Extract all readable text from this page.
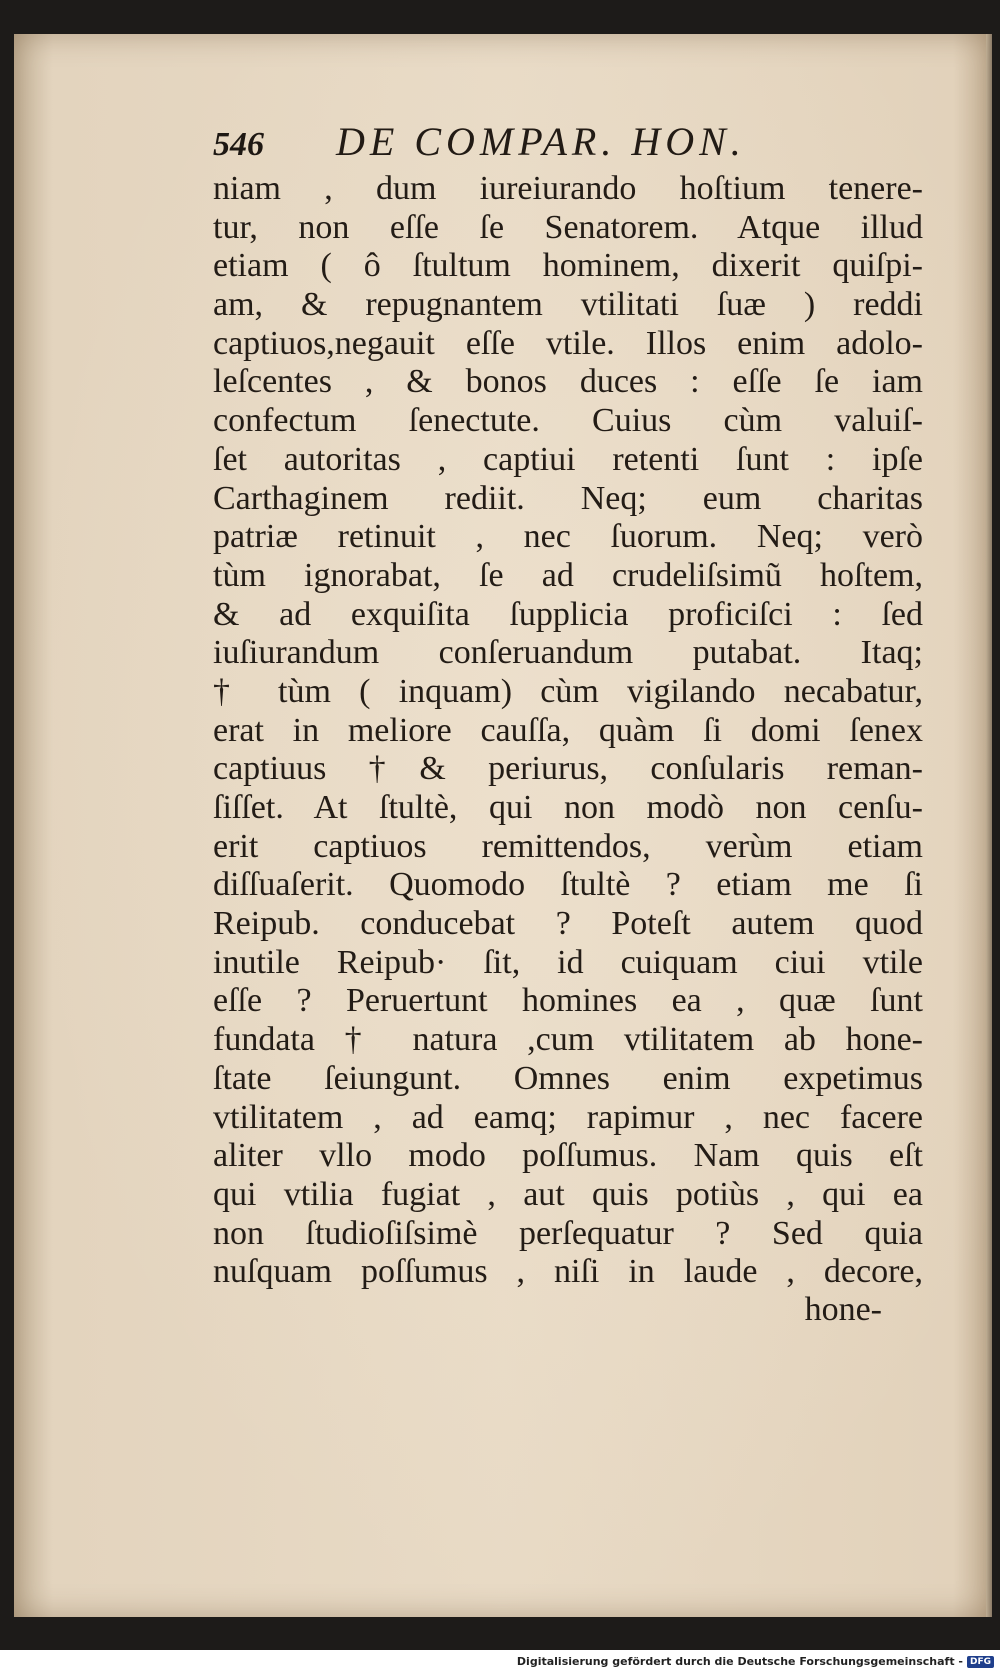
546 DE COMPAR. HON.
niam , dum iureiurando hoſtium tenere-
tur, non eſſe ſe Senatorem. Atque illud
etiam ( ô ſtultum hominem, dixerit quiſpi-
am, & repugnantem vtilitati ſuæ ) reddi
captiuos,negauit eſſe vtile. Illos enim adolo-
leſcentes , & bonos duces : eſſe ſe iam
confectum ſenectute. Cuius cùm valuiſ-
ſet autoritas , captiui retenti ſunt : ipſe
Carthaginem rediit. Neq; eum charitas
patriæ retinuit , nec ſuorum. Neq; verò
tùm ignorabat, ſe ad crudeliſsimũ hoſtem,
& ad exquiſita ſupplicia proficiſci : ſed
iuſiurandum conſeruandum putabat. Itaq;
† tùm ( inquam) cùm vigilando necabatur,
erat in meliore cauſſa, quàm ſi domi ſenex
captiuus †& periurus, conſularis reman-
ſiſſet. At ſtultè, qui non modò non cenſu-
erit captiuos remittendos, verùm etiam
diſſuaſerit. Quomodo ſtultè ? etiam me ſi
Reipub. conducebat ? Poteſt autem quod
inutile Reipub· ſit, id cuiquam ciui vtile
eſſe ? Peruertunt homines ea , quæ ſunt
fundata † natura ,cum vtilitatem ab hone-
ſtate ſeiungunt. Omnes enim expetimus
vtilitatem , ad eamq; rapimur , nec facere
aliter vllo modo poſſumus. Nam quis eſt
qui vtilia fugiat , aut quis potiùs , qui ea
non ſtudioſiſsimè perſequatur ? Sed quia
nuſquam poſſumus , niſi in laude , decore,
hone-
Digitalisierung gefördert durch die Deutsche Forschungsgemeinschaft - DFG
